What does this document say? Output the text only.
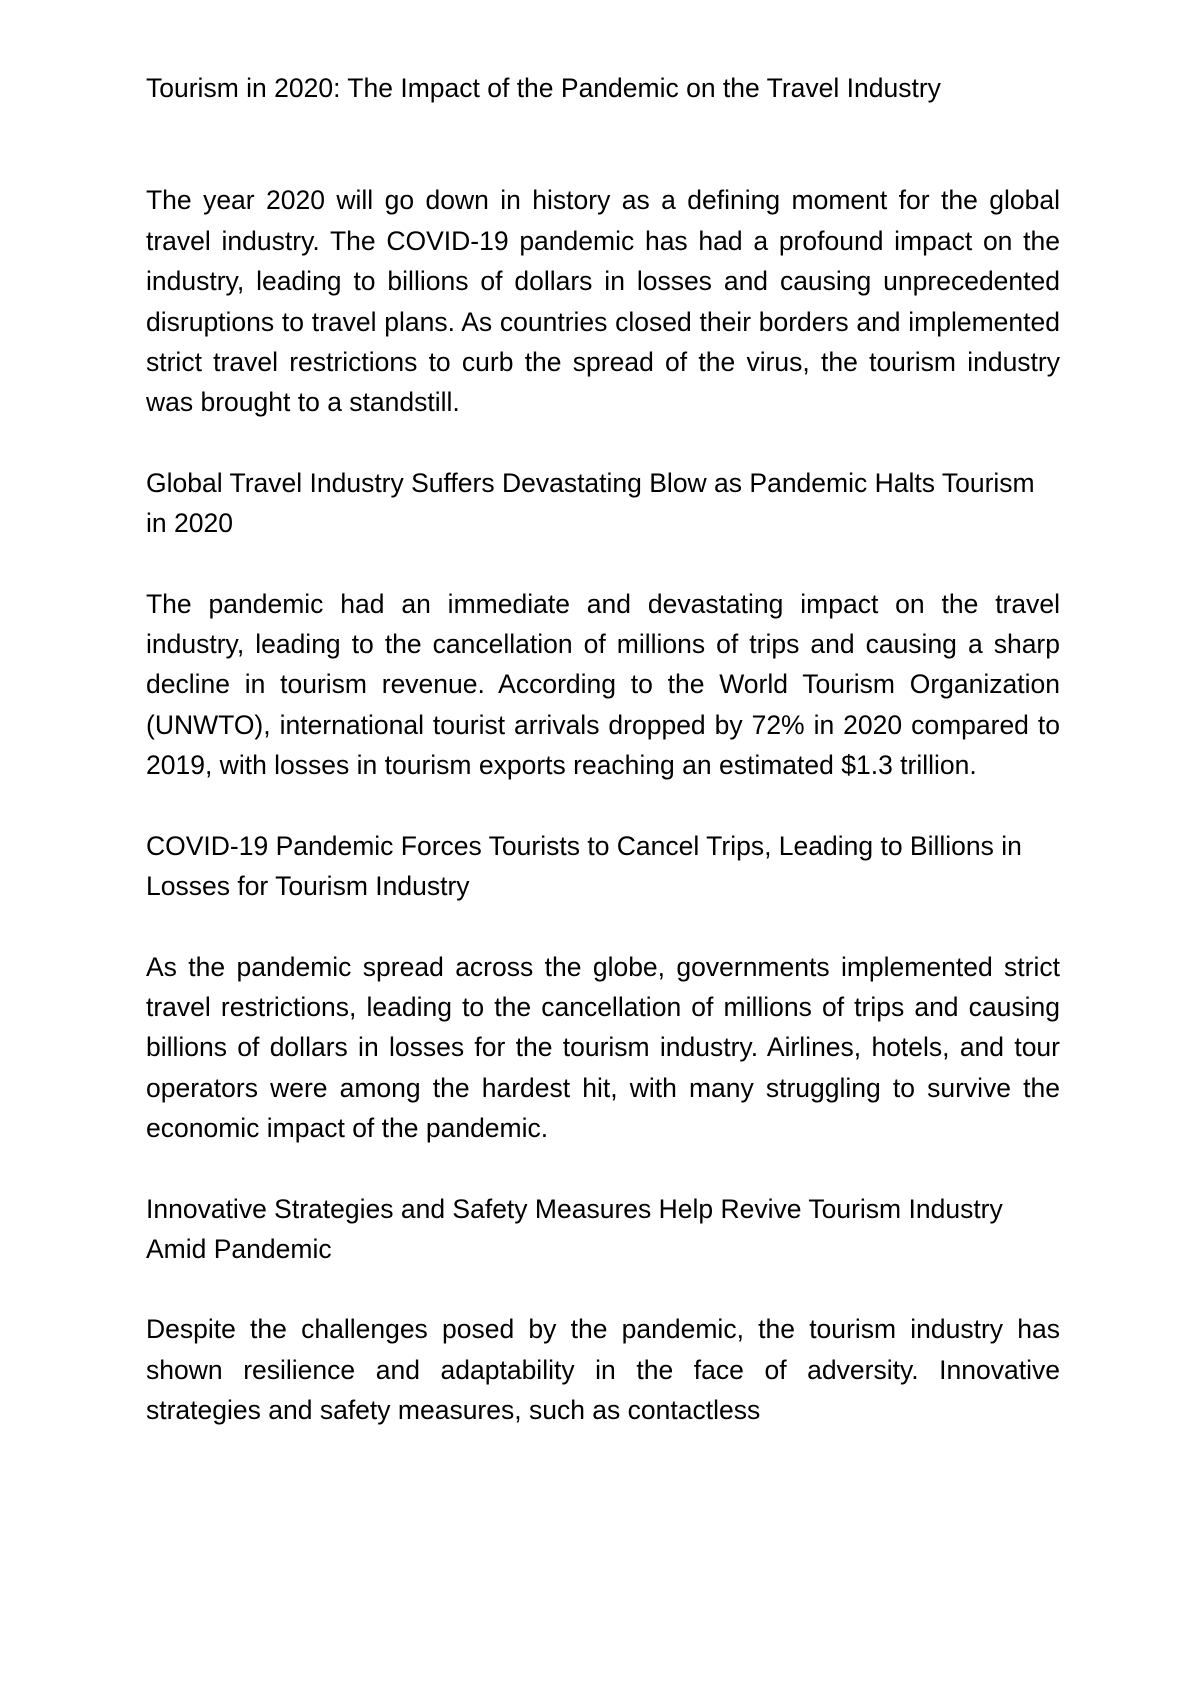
Tourism in 2020: The Impact of the Pandemic on the Travel Industry

The year 2020 will go down in history as a defining moment for the global travel industry. The COVID-19 pandemic has had a profound impact on the industry, leading to billions of dollars in losses and causing unprecedented disruptions to travel plans. As countries closed their borders and implemented strict travel restrictions to curb the spread of the virus, the tourism industry was brought to a standstill.

Global Travel Industry Suffers Devastating Blow as Pandemic Halts Tourism in 2020

The pandemic had an immediate and devastating impact on the travel industry, leading to the cancellation of millions of trips and causing a sharp decline in tourism revenue. According to the World Tourism Organization (UNWTO), international tourist arrivals dropped by 72% in 2020 compared to 2019, with losses in tourism exports reaching an estimated $1.3 trillion.

COVID-19 Pandemic Forces Tourists to Cancel Trips, Leading to Billions in Losses for Tourism Industry

As the pandemic spread across the globe, governments implemented strict travel restrictions, leading to the cancellation of millions of trips and causing billions of dollars in losses for the tourism industry. Airlines, hotels, and tour operators were among the hardest hit, with many struggling to survive the economic impact of the pandemic.

Innovative Strategies and Safety Measures Help Revive Tourism Industry Amid Pandemic

Despite the challenges posed by the pandemic, the tourism industry has shown resilience and adaptability in the face of adversity. Innovative strategies and safety measures, such as contactless
